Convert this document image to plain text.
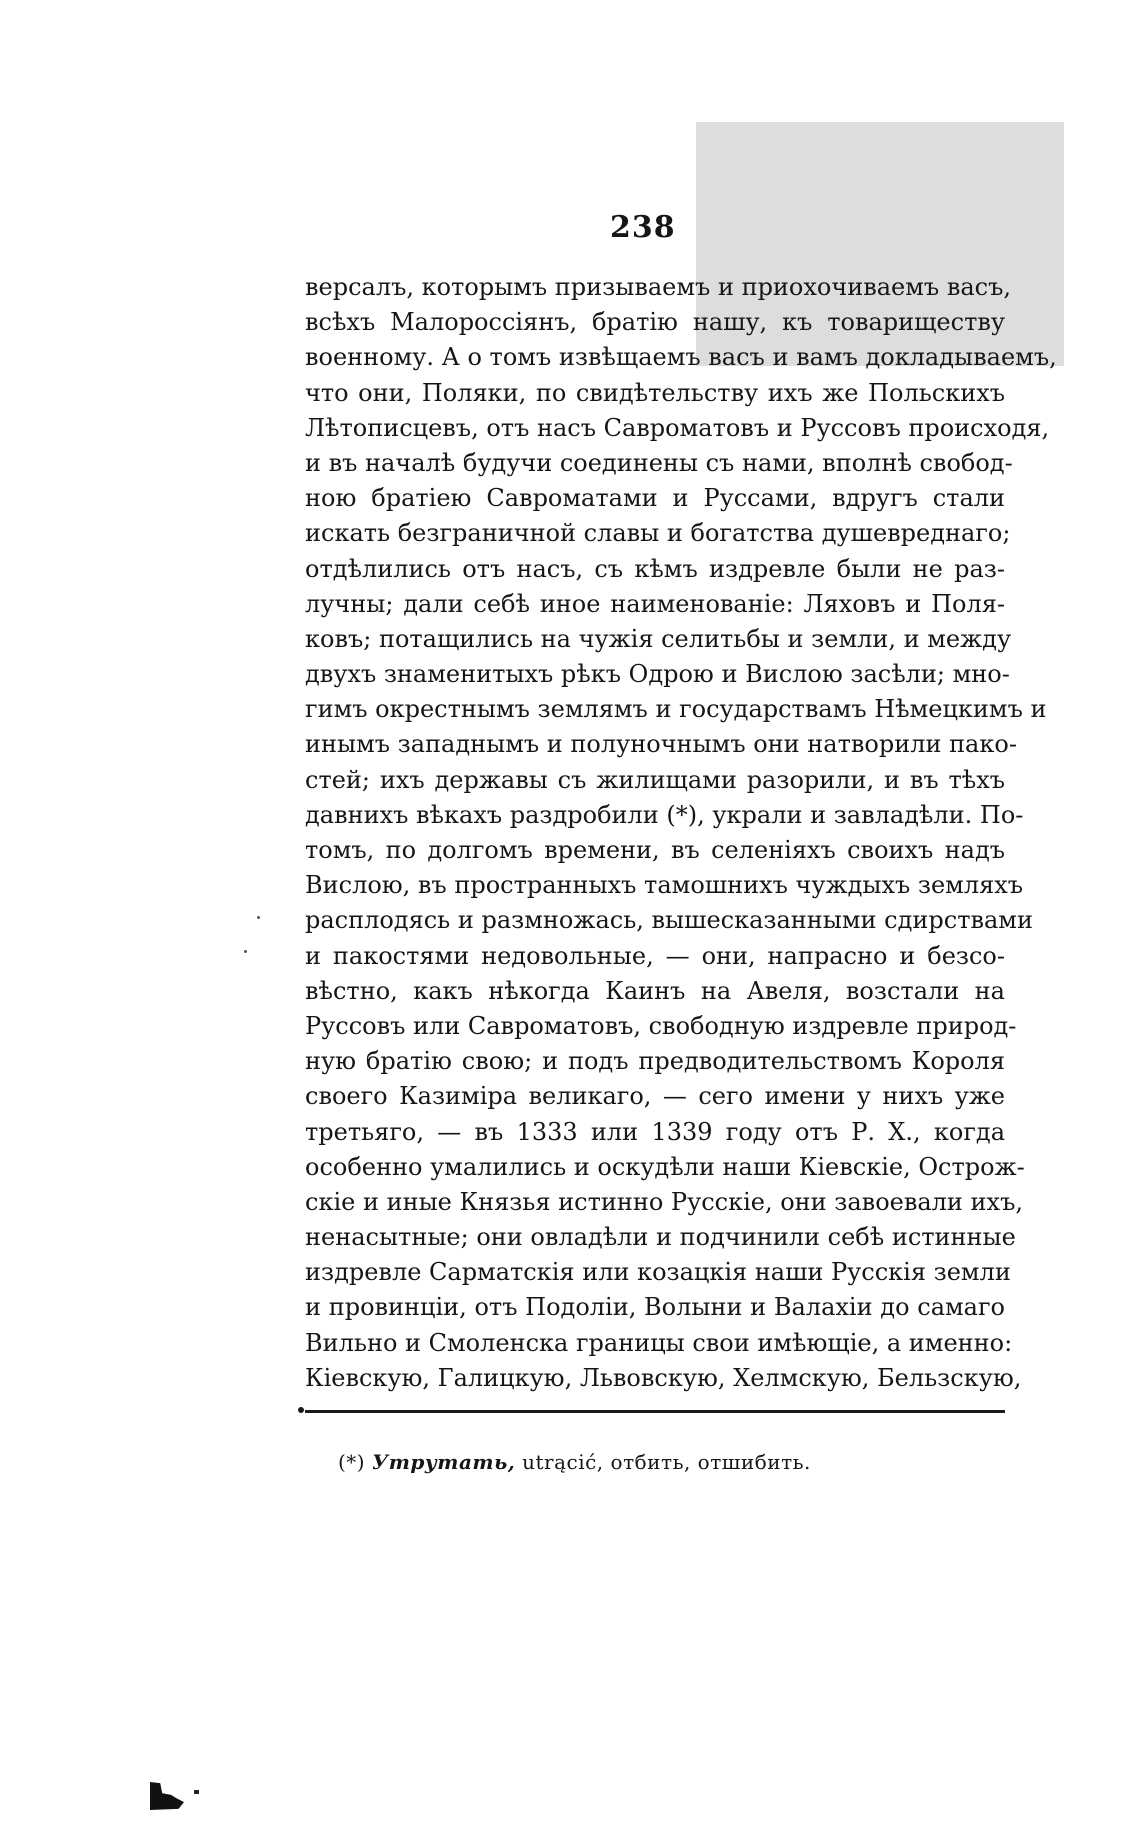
238
версалъ, которымъ призываемъ и приохочиваемъ васъ,
всѣхъ Малороссіянъ, братію нашу, къ товариществу
военному. А о томъ извѣщаемъ васъ и вамъ докладываемъ,
что они, Поляки, по свидѣтельству ихъ же Польскихъ
Лѣтописцевъ, отъ насъ Савроматовъ и Руссовъ происходя,
и въ началѣ будучи соединены съ нами, вполнѣ свобод-
ною братіею Савроматами и Руссами, вдругъ стали
искать безграничной славы и богатства душевреднаго;
отдѣлились отъ насъ, съ кѣмъ издревле были не раз-
лучны; дали себѣ иное наименованіе: Ляховъ и Поля-
ковъ; потащились на чужія селитьбы и земли, и между
двухъ знаменитыхъ рѣкъ Одрою и Вислою засѣли; мно-
гимъ окрестнымъ землямъ и государствамъ Нѣмецкимъ и
инымъ западнымъ и полуночнымъ они натворили пако-
стей; ихъ державы съ жилищами разорили, и въ тѣхъ
давнихъ вѣкахъ раздробили (*), украли и завладѣли. По-
томъ, по долгомъ времени, въ селеніяхъ своихъ надъ
Вислою, въ пространныхъ тамошнихъ чуждыхъ земляхъ
расплодясь и размножась, вышесказанными сдирствами
и пакостями недовольные, — они, напрасно и безсо-
вѣстно, какъ нѣкогда Каинъ на Авеля, возстали на
Руссовъ или Савроматовъ, свободную издревле природ-
ную братію свою; и подъ предводительствомъ Короля
своего Казиміра великаго, — сего имени у нихъ уже
третьяго, — въ 1333 или 1339 году отъ Р. Х., когда
особенно умалились и оскудѣли наши Кіевскіе, Острож-
скіе и иные Князья истинно Русскіе, они завоевали ихъ,
ненасытные; они овладѣли и подчинили себѣ истинные
издревле Сарматскія или козацкія наши Русскія земли
и провинціи, отъ Подоліи, Волыни и Валахіи до самаго
Вильно и Смоленска границы свои имѣющіе, а именно:
Кіевскую, Галицкую, Львовскую, Хелмскую, Бельзскую,
(*) Утрутать, utrącić, отбить, отшибить.
